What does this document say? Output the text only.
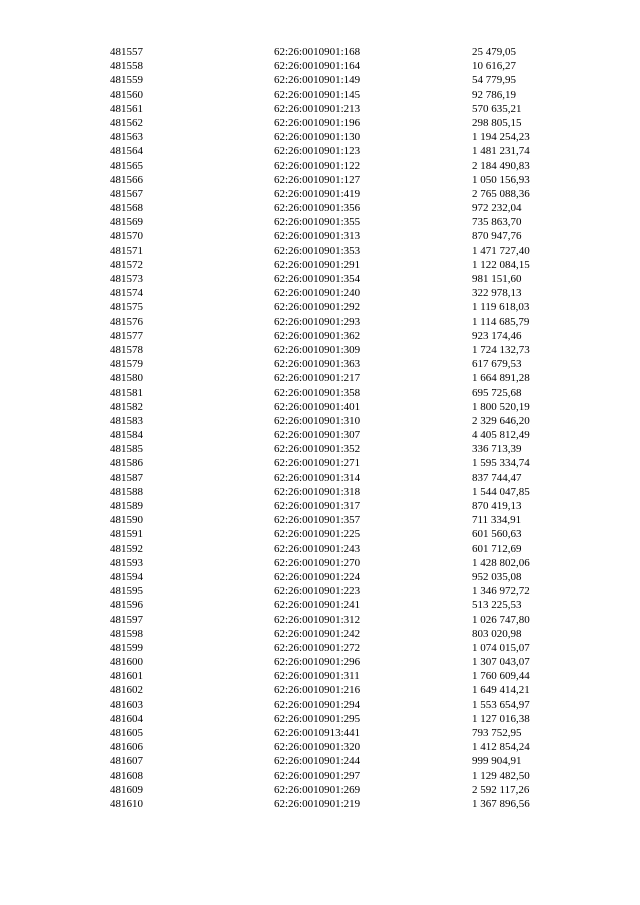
481557	62:26:0010901:168	25 479,05
481558	62:26:0010901:164	10 616,27
481559	62:26:0010901:149	54 779,95
481560	62:26:0010901:145	92 786,19
481561	62:26:0010901:213	570 635,21
481562	62:26:0010901:196	298 805,15
481563	62:26:0010901:130	1 194 254,23
481564	62:26:0010901:123	1 481 231,74
481565	62:26:0010901:122	2 184 490,83
481566	62:26:0010901:127	1 050 156,93
481567	62:26:0010901:419	2 765 088,36
481568	62:26:0010901:356	972 232,04
481569	62:26:0010901:355	735 863,70
481570	62:26:0010901:313	870 947,76
481571	62:26:0010901:353	1 471 727,40
481572	62:26:0010901:291	1 122 084,15
481573	62:26:0010901:354	981 151,60
481574	62:26:0010901:240	322 978,13
481575	62:26:0010901:292	1 119 618,03
481576	62:26:0010901:293	1 114 685,79
481577	62:26:0010901:362	923 174,46
481578	62:26:0010901:309	1 724 132,73
481579	62:26:0010901:363	617 679,53
481580	62:26:0010901:217	1 664 891,28
481581	62:26:0010901:358	695 725,68
481582	62:26:0010901:401	1 800 520,19
481583	62:26:0010901:310	2 329 646,20
481584	62:26:0010901:307	4 405 812,49
481585	62:26:0010901:352	336 713,39
481586	62:26:0010901:271	1 595 334,74
481587	62:26:0010901:314	837 744,47
481588	62:26:0010901:318	1 544 047,85
481589	62:26:0010901:317	870 419,13
481590	62:26:0010901:357	711 334,91
481591	62:26:0010901:225	601 560,63
481592	62:26:0010901:243	601 712,69
481593	62:26:0010901:270	1 428 802,06
481594	62:26:0010901:224	952 035,08
481595	62:26:0010901:223	1 346 972,72
481596	62:26:0010901:241	513 225,53
481597	62:26:0010901:312	1 026 747,80
481598	62:26:0010901:242	803 020,98
481599	62:26:0010901:272	1 074 015,07
481600	62:26:0010901:296	1 307 043,07
481601	62:26:0010901:311	1 760 609,44
481602	62:26:0010901:216	1 649 414,21
481603	62:26:0010901:294	1 553 654,97
481604	62:26:0010901:295	1 127 016,38
481605	62:26:0010913:441	793 752,95
481606	62:26:0010901:320	1 412 854,24
481607	62:26:0010901:244	999 904,91
481608	62:26:0010901:297	1 129 482,50
481609	62:26:0010901:269	2 592 117,26
481610	62:26:0010901:219	1 367 896,56
